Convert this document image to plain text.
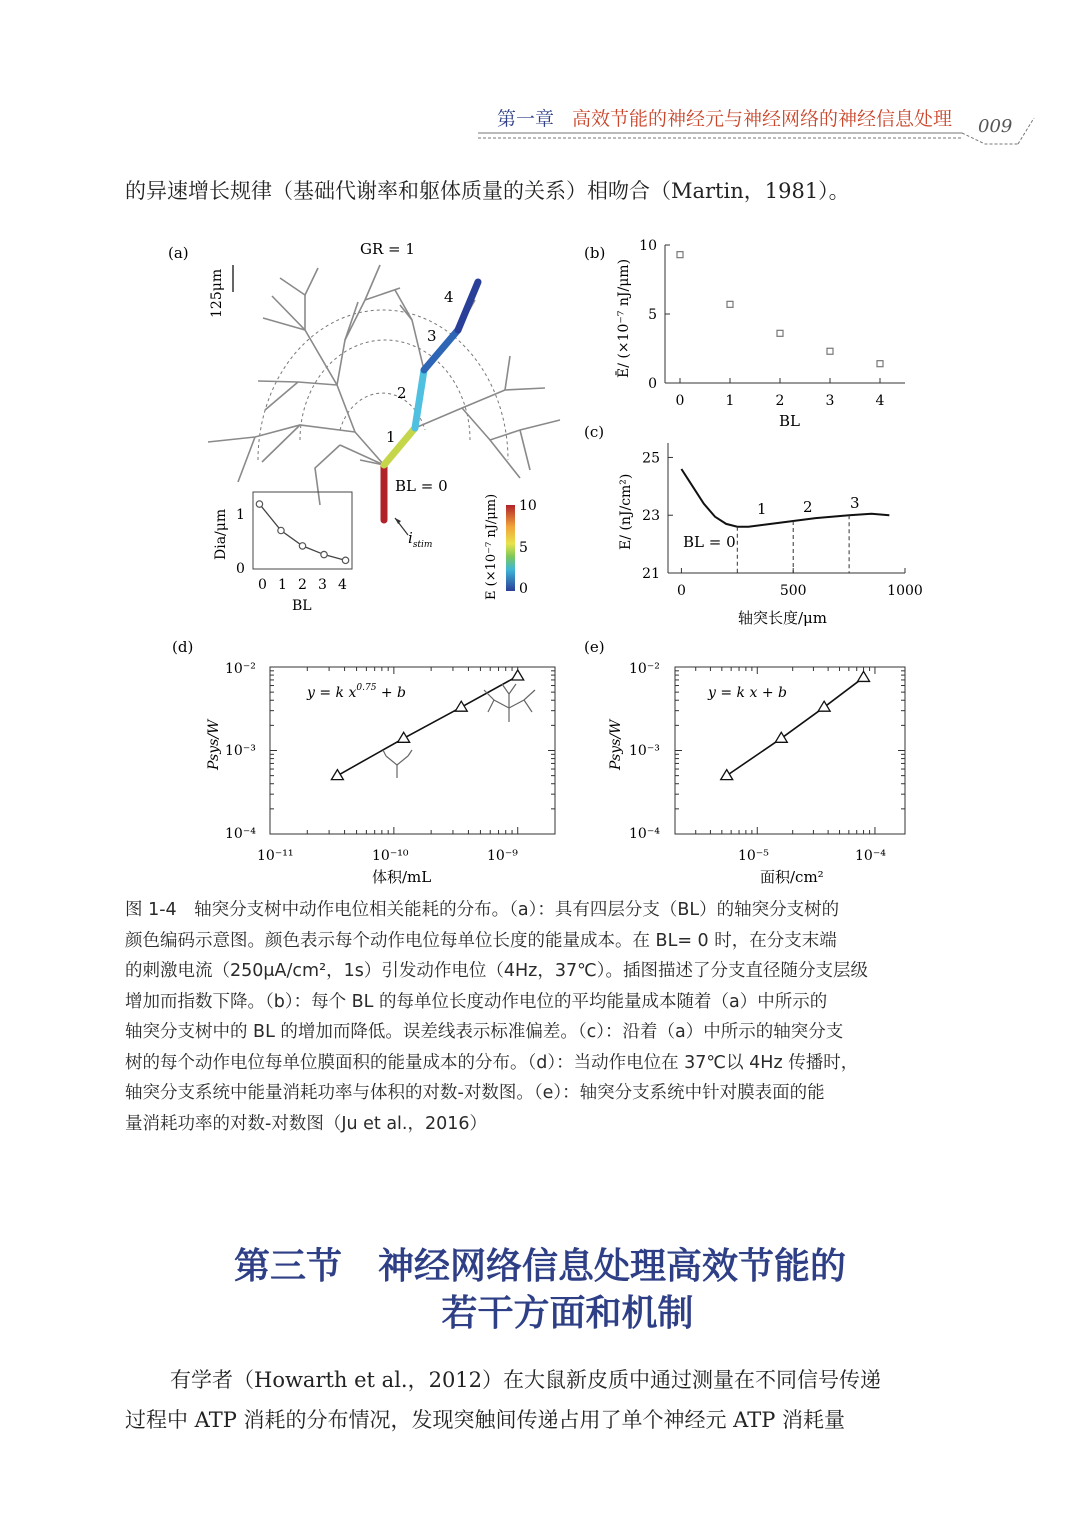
第一章 高效节能的神经元与神经网络的神经信息处理 009
的异速增长规律（基础代谢率和躯体质量的关系）相吻合（Martin，1981）。
(a)	GR = 1
125μm	4
3
2
1
BL = 0
$i_{stim}$
10
5
0
E (×10⁻⁷ nJ/μm)
1
0
Dia/μm
0 1 2 3 4
BL
(b)
0
5
10
0	1	2	3	4
Ē/ (×10⁻⁷ nJ/μm)
BL
(c)
21
23
25
0	500	1000
E/ (nJ/cm²)
轴突长度/μm
BL = 0
1 2 3
(d)
y = k $x^{0.75} + b$
10⁻²
10⁻³
10⁻⁴
10⁻¹¹	10⁻¹⁰	10⁻⁹
Psys/W
体积/mL
(e)
y = k x + b
10⁻²
10⁻³
10⁻⁴
10⁻⁵	10⁻⁴
Psys/W
面积/cm²

图 1-4　轴突分支树中动作电位相关能耗的分布。（a）：具有四层分支（BL）的轴突分支树的

颜色编码示意图。颜色表示每个动作电位每单位长度的能量成本。在 BL= 0 时，在分支末端

的刺激电流（250μA/cm²，1s）引发动作电位（4Hz，37℃）。插图描述了分支直径随分支层级

增加而指数下降。（b）：每个 BL 的每单位长度动作电位的平均能量成本随着（a）中所示的

轴突分支树中的 BL 的增加而降低。误差线表示标准偏差。（c）：沿着（a）中所示的轴突分支

树的每个动作电位每单位膜面积的能量成本的分布。（d）：当动作电位在 37℃以 4Hz 传播时，

轴突分支系统中能量消耗功率与体积的对数-对数图。（e）：轴突分支系统中针对膜表面的能

量消耗功率的对数-对数图（Ju et al.，2016）

第三节　神经网络信息处理高效节能的
若干方面和机制
有学者（Howarth et al.，2012）在大鼠新皮质中通过测量在不同信号传递
过程中 ATP 消耗的分布情况，发现突触间传递占用了单个神经元 ATP 消耗量
